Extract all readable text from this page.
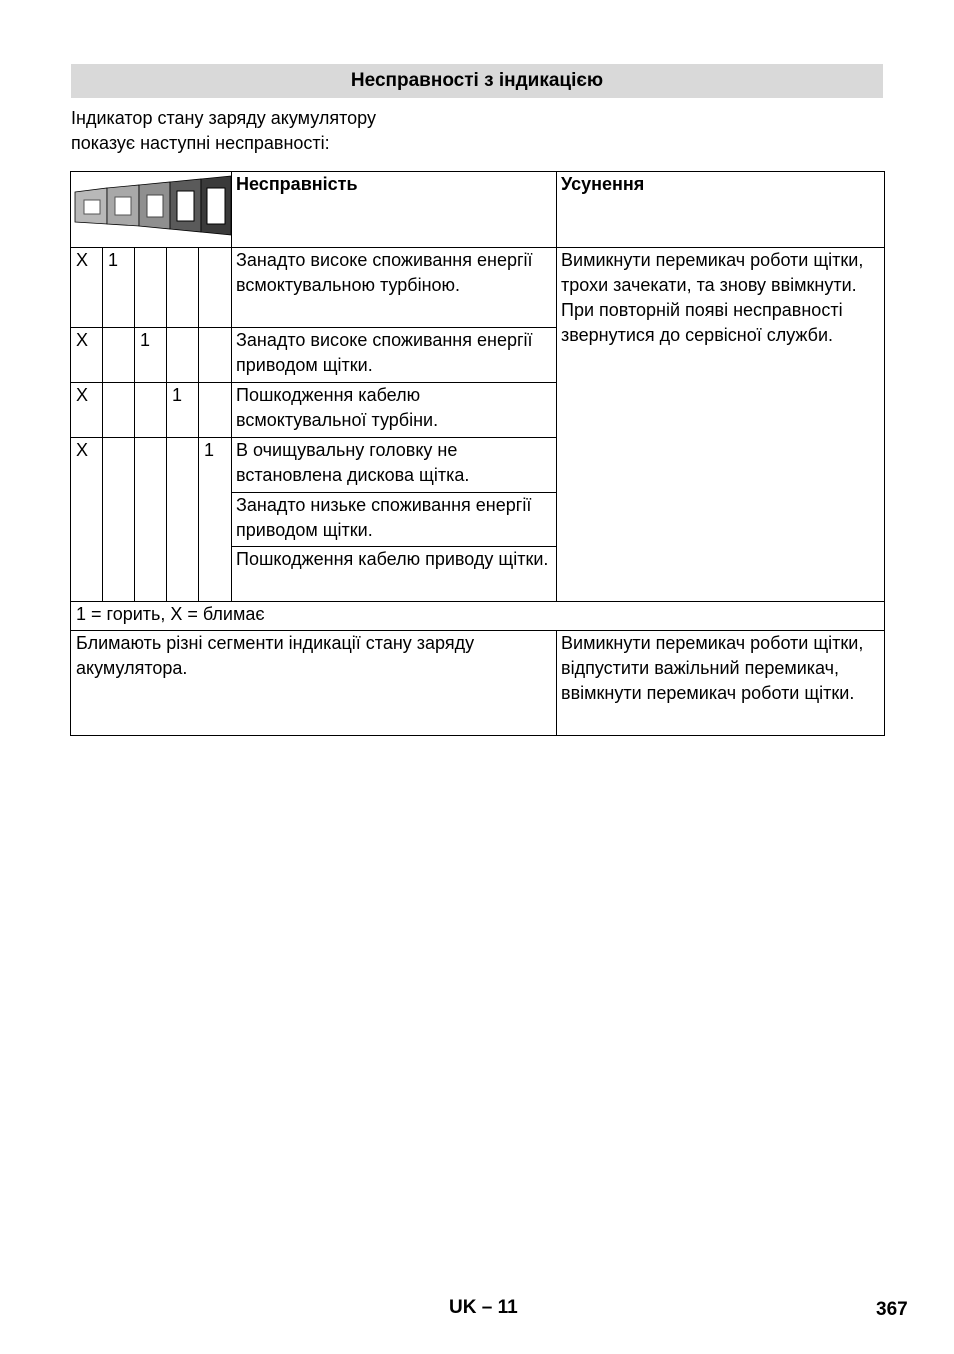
Несправності з індикацією
Індикатор стану заряду акумулятору
показує наступні несправності:
	Несправність	Усунення
X	1				Занадто високе споживання енергії всмоктувальною турбіною.	Вимикнути перемикач роботи щітки, трохи зачекати, та знову ввімкнути. При повторній появі несправності звернутися до сервісної служби.
X		1			Занадто високе споживання енергії приводом щітки.	
X			1		Пошкодження кабелю всмоктувальної турбіни.	
X				1	В очищувальну головку не встановлена дискова щітка.	
					Занадто низьке споживання енергії приводом щітки.	
					Пошкодження кабелю приводу щітки.	
1 = горить, X = блимає						
Блимають різні сегменти індикації стану заряду акумулятора.						Вимикнути перемикач роботи щітки, відпустити важільний перемикач, ввімкнути перемикач роботи щітки.
UK – 11	367
